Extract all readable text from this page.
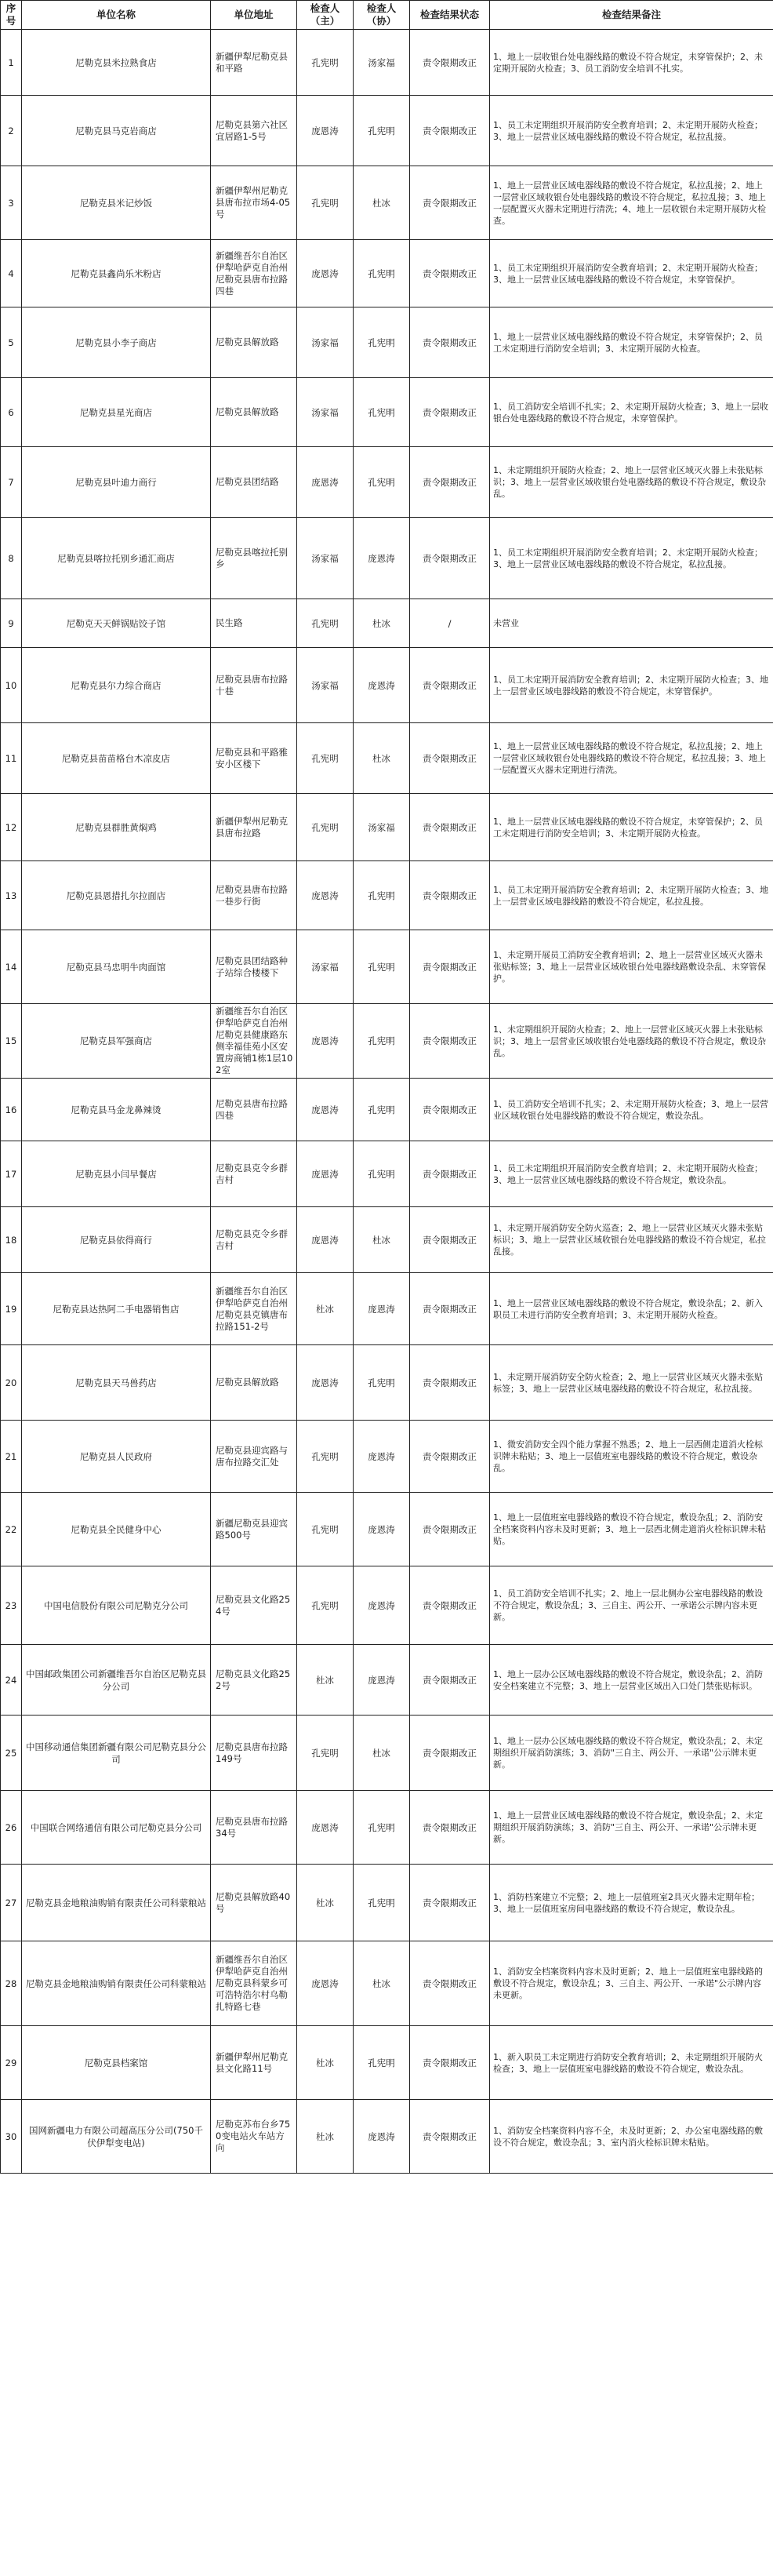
序号	单位名称	单位地址	检查人（主）	检查人（协）	检查结果状态	检查结果备注
1	尼勒克县米拉熟食店	新疆伊犁尼勒克县和平路	孔宪明	汤家福	责令限期改正	1、地上一层收银台处电器线路的敷设不符合规定，未穿管保护；2、未定期开展防火检查；3、员工消防安全培训不扎实。
2	尼勒克县马克岩商店	尼勒克县第六社区宜居路1-5号	庞恩涛	孔宪明	责令限期改正	1、员工未定期组织开展消防安全教育培训；2、未定期开展防火检查；3、地上一层营业区域电器线路的敷设不符合规定，私拉乱接。
3	尼勒克县米记炒饭	新疆伊犁州尼勒克县唐布拉市场4-05号	孔宪明	杜冰	责令限期改正	1、地上一层营业区域电器线路的敷设不符合规定，私拉乱接；2、地上一层营业区域收银台处电器线路的敷设不符合规定，私拉乱接；3、地上一层配置灭火器未定期进行清洗；4、地上一层收银台未定期开展防火检查。
4	尼勒克县鑫尚乐米粉店	新疆维吾尔自治区伊犁哈萨克自治州尼勒克县唐布拉路四巷	庞恩涛	孔宪明	责令限期改正	1、员工未定期组织开展消防安全教育培训；2、未定期开展防火检查；3、地上一层营业区域电器线路的敷设不符合规定，未穿管保护。
5	尼勒克县小李子商店	尼勒克县解放路	汤家福	孔宪明	责令限期改正	1、地上一层营业区域电器线路的敷设不符合规定，未穿管保护；2、员工未定期进行消防安全培训；3、未定期开展防火检查。
6	尼勒克县星光商店	尼勒克县解放路	汤家福	孔宪明	责令限期改正	1、员工消防安全培训不扎实；2、未定期开展防火检查；3、地上一层收银台处电器线路的敷设不符合规定，未穿管保护。
7	尼勒克县叶迪力商行	尼勒克县团结路	庞恩涛	孔宪明	责令限期改正	1、未定期组织开展防火检查；2、地上一层营业区域灭火器上未张贴标识；3、地上一层营业区域收银台处电器线路的敷设不符合规定，敷设杂乱。
8	尼勒克县喀拉托别乡通汇商店	尼勒克县喀拉托别乡	汤家福	庞恩涛	责令限期改正	1、员工未定期组织开展消防安全教育培训；2、未定期开展防火检查；3、地上一层营业区域电器线路的敷设不符合规定，私拉乱接。
9	尼勒克天天鲜锅贴饺子馆	民生路	孔宪明	杜冰	/	未营业
10	尼勒克县尔力综合商店	尼勒克县唐布拉路十巷	汤家福	庞恩涛	责令限期改正	1、员工未定期开展消防安全教育培训；2、未定期开展防火检查；3、地上一层营业区域电器线路的敷设不符合规定，未穿管保护。
11	尼勒克县苗苗格台木凉皮店	尼勒克县和平路雅安小区楼下	孔宪明	杜冰	责令限期改正	1、地上一层营业区域电器线路的敷设不符合规定，私拉乱接；2、地上一层营业区域收银台处电器线路的敷设不符合规定，私拉乱接；3、地上一层配置灭火器未定期进行清洗。
12	尼勒克县群胜黄焖鸡	新疆伊犁州尼勒克县唐布拉路	孔宪明	汤家福	责令限期改正	1、地上一层营业区域电器线路的敷设不符合规定，未穿管保护；2、员工未定期进行消防安全培训；3、未定期开展防火检查。
13	尼勒克县恩措扎尔拉面店	尼勒克县唐布拉路一巷步行街	庞恩涛	孔宪明	责令限期改正	1、员工未定期开展消防安全教育培训；2、未定期开展防火检查；3、地上一层营业区域电器线路的敷设不符合规定，私拉乱接。
14	尼勒克县马忠明牛肉面馆	尼勒克县团结路种子站综合楼楼下	汤家福	孔宪明	责令限期改正	1、未定期开展员工消防安全教育培训；2、地上一层营业区域灭火器未张贴标签；3、地上一层营业区域收银台处电器线路敷设杂乱、未穿管保护。
15	尼勒克县军强商店	新疆维吾尔自治区伊犁哈萨克自治州尼勒克县健康路东侧幸福佳苑小区安置房商铺1栋1层102室	庞恩涛	孔宪明	责令限期改正	1、未定期组织开展防火检查；2、地上一层营业区域灭火器上未张贴标识；3、地上一层营业区域收银台处电器线路的敷设不符合规定，敷设杂乱。
16	尼勒克县马金龙鼻辣烫	尼勒克县唐布拉路四巷	庞恩涛	孔宪明	责令限期改正	1、员工消防安全培训不扎实；2、未定期开展防火检查；3、地上一层营业区域收银台处电器线路的敷设不符合规定，敷设杂乱。
17	尼勒克县小闫早餐店	尼勒克县克令乡群吉村	庞恩涛	孔宪明	责令限期改正	1、员工未定期组织开展消防安全教育培训；2、未定期开展防火检查；3、地上一层营业区域电器线路的敷设不符合规定，敷设杂乱。
18	尼勒克县依得商行	尼勒克县克令乡群吉村	庞恩涛	杜冰	责令限期改正	1、未定期开展消防安全防火巡查；2、地上一层营业区域灭火器未张贴标识；3、地上一层营业区域收银台处电器线路的敷设不符合规定，私拉乱接。
19	尼勒克县达热阿二手电器销售店	新疆维吾尔自治区伊犁哈萨克自治州尼勒克县克镇唐布拉路151-2号	杜冰	庞恩涛	责令限期改正	1、地上一层营业区域电器线路的敷设不符合规定，敷设杂乱；2、新入职员工未进行消防安全教育培训；3、未定期开展防火检查。
20	尼勒克县天马兽药店	尼勒克县解放路	庞恩涛	孔宪明	责令限期改正	1、未定期开展消防安全防火检查；2、地上一层营业区域灭火器未张贴标签；3、地上一层营业区域电器线路的敷设不符合规定，私拉乱接。
21	尼勒克县人民政府	尼勒克县迎宾路与唐布拉路交汇处	孔宪明	庞恩涛	责令限期改正	1、微安消防安全四个能力掌握不熟悉；2、地上一层西侧走道消火栓标识牌未粘贴；3、地上一层值班室电器线路的敷设不符合规定，敷设杂乱。
22	尼勒克县全民健身中心	新疆尼勒克县迎宾路500号	孔宪明	庞恩涛	责令限期改正	1、地上一层值班室电器线路的敷设不符合规定，敷设杂乱；2、消防安全档案资料内容未及时更新；3、地上一层西北侧走道消火栓标识牌未粘贴。
23	中国电信股份有限公司尼勒克分公司	尼勒克县文化路254号	孔宪明	庞恩涛	责令限期改正	1、员工消防安全培训不扎实；2、地上一层北侧办公室电器线路的敷设不符合规定，敷设杂乱；3、三自主、两公开、一承诺公示牌内容未更新。
24	中国邮政集团公司新疆维吾尔自治区尼勒克县分公司	尼勒克县文化路252号	杜冰	庞恩涛	责令限期改正	1、地上一层办公区域电器线路的敷设不符合规定，敷设杂乱；2、消防安全档案建立不完整；3、地上一层营业区域出入口处门禁张贴标识。
25	中国移动通信集团新疆有限公司尼勒克县分公司	尼勒克县唐布拉路149号	孔宪明	杜冰	责令限期改正	1、地上一层办公区域电器线路的敷设不符合规定，敷设杂乱；2、未定期组织开展消防演练；3、消防"三自主、两公开、一承诺"公示牌未更新。
26	中国联合网络通信有限公司尼勒克县分公司	尼勒克县唐布拉路34号	庞恩涛	孔宪明	责令限期改正	1、地上一层营业区域电器线路的敷设不符合规定，敷设杂乱；2、未定期组织开展消防演练；3、消防"三自主、两公开、一承诺"公示牌未更新。
27	尼勒克县金地粮油购销有限责任公司科蒙粮站	尼勒克县解放路40号	杜冰	孔宪明	责令限期改正	1、消防档案建立不完整；2、地上一层值班室2具灭火器未定期年检；3、地上一层值班室房间电器线路的敷设不符合规定，敷设杂乱。
28	尼勒克县金地粮油购销有限责任公司科蒙粮站	新疆维吾尔自治区伊犁哈萨克自治州尼勒克县科蒙乡可可浩特浩尔村乌勒扎特路七巷	庞恩涛	杜冰	责令限期改正	1、消防安全档案资料内容未及时更新；2、地上一层值班室电器线路的敷设不符合规定，敷设杂乱；3、三自主、两公开、一承诺"公示牌内容未更新。
29	尼勒克县档案馆	新疆伊犁州尼勒克县文化路11号	杜冰	孔宪明	责令限期改正	1、新入职员工未定期进行消防安全教育培训；2、未定期组织开展防火检查；3、地上一层值班室电器线路的敷设不符合规定，敷设杂乱。
30	国网新疆电力有限公司超高压分公司(750千伏伊犁变电站)	尼勒克苏布台乡750变电站火车站方向	杜冰	庞恩涛	责令限期改正	1、消防安全档案资料内容不全，未及时更新；2、办公室电器线路的敷设不符合规定，敷设杂乱；3、室内消火栓标识牌未粘贴。
